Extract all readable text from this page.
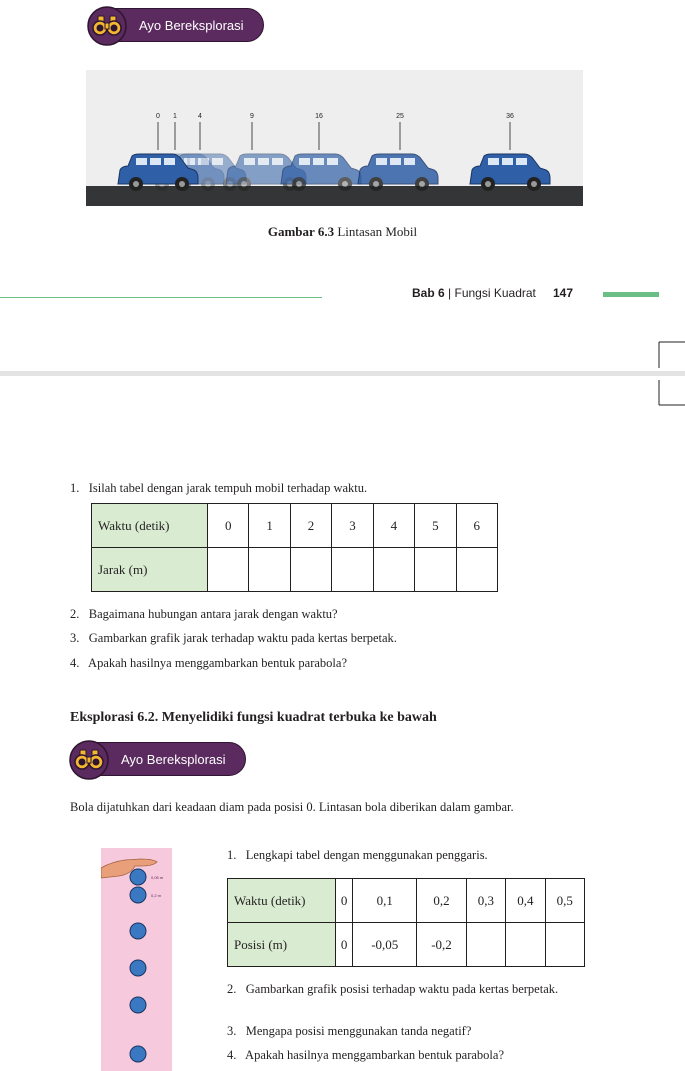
Ayo Bereksplorasi
0 1	4	9	16	25	36
Gambar 6.3 Lintasan Mobil
Bab 6 | Fungsi Kuadrat 147
1.   Isilah tabel dengan jarak tempuh mobil terhadap waktu.
Waktu (detik)	0	1	2	3	4	5	6
Jarak (m)							
2.   Bagaimana hubungan antara jarak dengan waktu?
3.   Gambarkan grafik jarak terhadap waktu pada kertas berpetak.
4.   Apakah hasilnya menggambarkan bentuk parabola?
Eksplorasi 6.2. Menyelidiki fungsi kuadrat terbuka ke bawah
Ayo Bereksplorasi
Bola dijatuhkan dari keadaan diam pada posisi 0. Lintasan bola diberikan dalam gambar.
0,05 m
0,2 m
1.   Lengkapi tabel dengan menggunakan penggaris.
Waktu (detik)	0	0,1	0,2	0,3	0,4	0,5
Posisi (m)	0	-0,05	-0,2			
2.   Gambarkan grafik posisi terhadap waktu pada kertas berpetak.
3.   Mengapa posisi menggunakan tanda negatif?
4.   Apakah hasilnya menggambarkan bentuk parabola?
